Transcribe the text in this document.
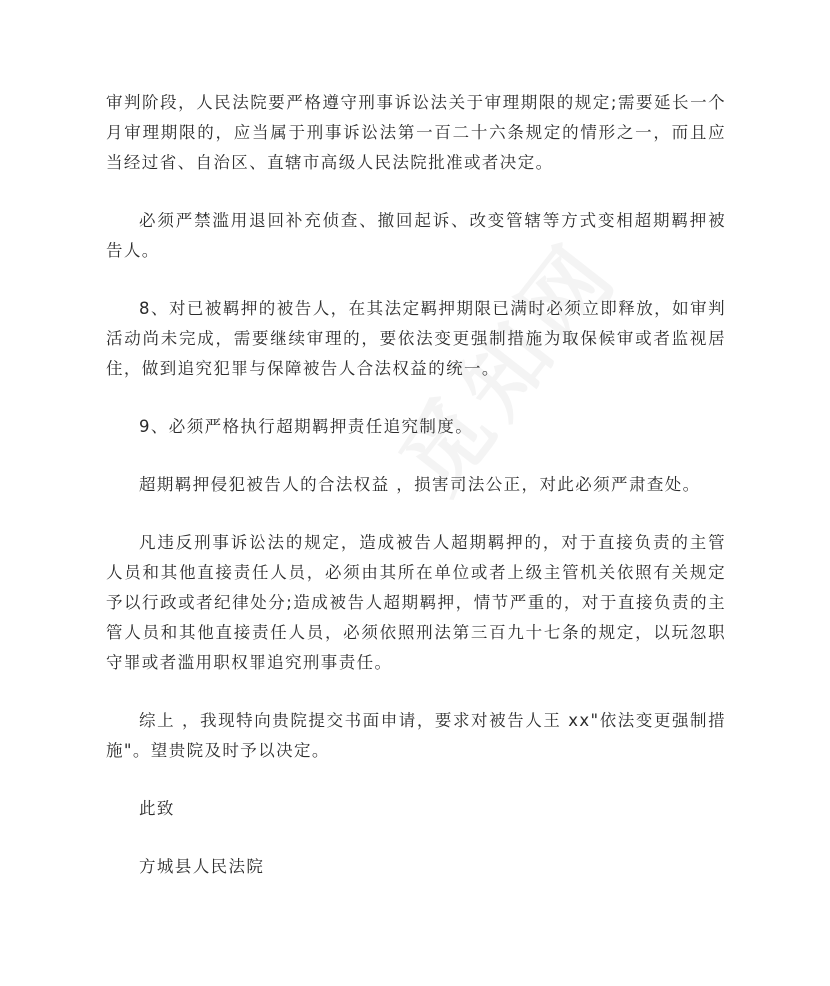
审判阶段，人民法院要严格遵守刑事诉讼法关于审理期限的规定;需要延长一个月审理期限的，应当属于刑事诉讼法第一百二十六条规定的情形之一，而且应当经过省、自治区、直辖市高级人民法院批准或者决定。

必须严禁滥用退回补充侦查、撤回起诉、改变管辖等方式变相超期羁押被告人。

8、对已被羁押的被告人，在其法定羁押期限已满时必须立即释放，如审判活动尚未完成，需要继续审理的，要依法变更强制措施为取保候审或者监视居住，做到追究犯罪与保障被告人合法权益的统一。

9、必须严格执行超期羁押责任追究制度。

超期羁押侵犯被告人的合法权益 ，损害司法公正，对此必须严肃查处。

凡违反刑事诉讼法的规定，造成被告人超期羁押的，对于直接负责的主管人员和其他直接责任人员，必须由其所在单位或者上级主管机关依照有关规定予以行政或者纪律处分;造成被告人超期羁押，情节严重的，对于直接负责的主管人员和其他直接责任人员，必须依照刑法第三百九十七条的规定，以玩忽职守罪或者滥用职权罪追究刑事责任。

综上 ，我现特向贵院提交书面申请，要求对被告人王 xx"依法变更强制措施"。望贵院及时予以决定。

此致

方城县人民法院
